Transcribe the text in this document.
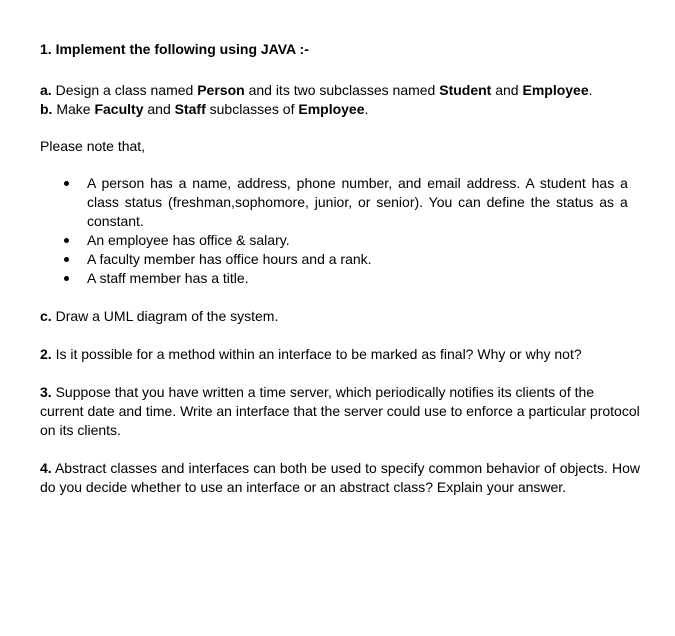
1. Implement the following using JAVA :-

a. Design a class named Person and its two subclasses named Student and Employee.

b. Make Faculty and Staff subclasses of Employee.

Please note that,

A person has a name, address, phone number, and email address. A student has a class status (freshman,sophomore, junior, or senior). You can define the status as a constant.
An employee has office & salary.
A faculty member has office hours and a rank.
A staff member has a title.

c. Draw a UML diagram of the system.

2. Is it possible for a method within an interface to be marked as final? Why or why not?

3. Suppose that you have written a time server, which periodically notifies its clients of the current date and time. Write an interface that the server could use to enforce a particular protocol on its clients.

4. Abstract classes and interfaces can both be used to specify common behavior of objects. How do you decide whether to use an interface or an abstract class? Explain your answer.
